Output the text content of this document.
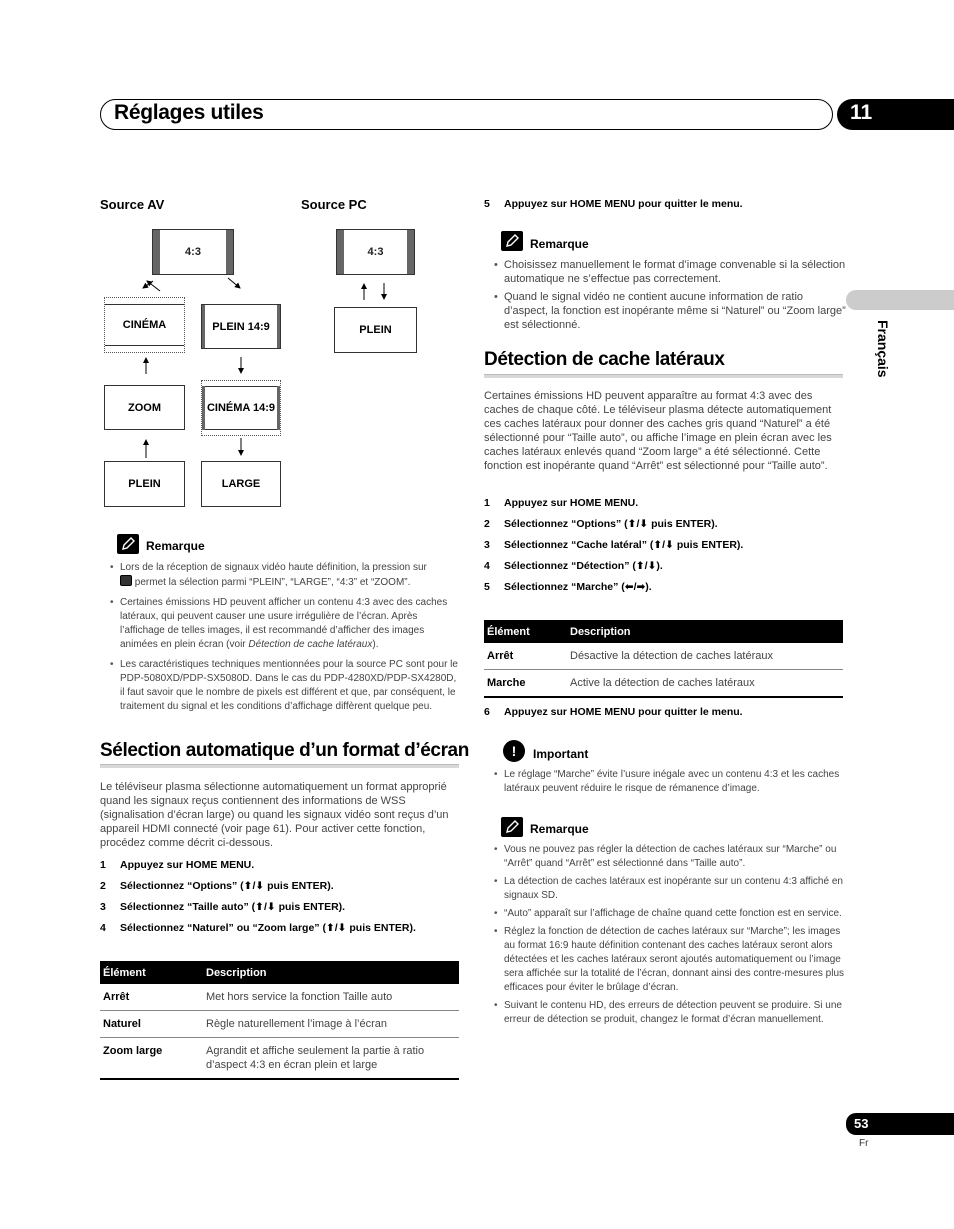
Réglages utiles	11
Français
Source AV	Source PC
4:3
CINÉMA	PLEIN 14:9
ZOOM	CINÉMA 14:9
PLEIN	LARGE
4:3
PLEIN
Remarque
• Lors de la réception de signaux vidéo haute définition, la pression sur
permet la sélection parmi “PLEIN”, “LARGE”, “4:3” et “ZOOM”.
• Certaines émissions HD peuvent afficher un contenu 4:3 avec des caches latéraux, qui peuvent causer une usure irrégulière de l’écran. Après l’affichage de telles images, il est recommandé d’afficher des images animées en plein écran (voir Détection de cache latéraux).
• Les caractéristiques techniques mentionnées pour la source PC sont pour le PDP-5080XD/PDP-SX5080D. Dans le cas du PDP-4280XD/PDP-SX4280D, il faut savoir que le nombre de pixels est différent et que, par conséquent, le traitement du signal et les conditions d’affichage diffèrent quelque peu.
Sélection automatique d’un format d’écran
Le téléviseur plasma sélectionne automatiquement un format approprié quand les signaux reçus contiennent des informations de WSS (signalisation d’écran large) ou quand les signaux vidéo sont reçus d’un appareil HDMI connecté (voir page 61). Pour activer cette fonction, procédez comme décrit ci-dessous.
1 Appuyez sur HOME MENU.
2 Sélectionnez “Options” (⬆/⬇ puis ENTER).
3 Sélectionnez “Taille auto” (⬆/⬇ puis ENTER).
4 Sélectionnez “Naturel” ou “Zoom large” (⬆/⬇ puis ENTER).
Élément	Description
Arrêt	Met hors service la fonction Taille auto
Naturel	Règle naturellement l’image à l’écran
Zoom large	Agrandit et affiche seulement la partie à ratio d’aspect 4:3 en écran plein et large
5 Appuyez sur HOME MENU pour quitter le menu.
Remarque
• Choisissez manuellement le format d’image convenable si la sélection automatique ne s’effectue pas correctement.
• Quand le signal vidéo ne contient aucune information de ratio d’aspect, la fonction est inopérante même si “Naturel” ou “Zoom large” est sélectionné.
Détection de cache latéraux
Certaines émissions HD peuvent apparaître au format 4:3 avec des caches de chaque côté. Le téléviseur plasma détecte automatiquement ces caches latéraux pour donner des caches gris quand “Naturel” a été sélectionné pour “Taille auto”, ou affiche l’image en plein écran avec les caches latéraux enlevés quand “Zoom large” a été sélectionné. Cette fonction est inopérante quand “Arrêt” est sélectionné pour “Taille auto”.
1 Appuyez sur HOME MENU.
2 Sélectionnez “Options” (⬆/⬇ puis ENTER).
3 Sélectionnez “Cache latéral” (⬆/⬇ puis ENTER).
4 Sélectionnez “Détection” (⬆/⬇).
5 Sélectionnez “Marche” (⬅/➡).
Élément	Description
Arrêt	Désactive la détection de caches latéraux
Marche	Active la détection de caches latéraux
6 Appuyez sur HOME MENU pour quitter le menu.
! Important
• Le réglage “Marche” évite l’usure inégale avec un contenu 4:3 et les caches latéraux peuvent réduire le risque de rémanence d’image.
Remarque
• Vous ne pouvez pas régler la détection de caches latéraux sur “Marche” ou “Arrêt” quand “Arrêt” est sélectionné dans “Taille auto”.
• La détection de caches latéraux est inopérante sur un contenu 4:3 affiché en signaux SD.
• “Auto” apparaît sur l’affichage de chaîne quand cette fonction est en service.
• Réglez la fonction de détection de caches latéraux sur “Marche”; les images au format 16:9 haute définition contenant des caches latéraux seront alors détectées et les caches latéraux seront ajoutés automatiquement ou l’image sera affichée sur la totalité de l’écran, donnant ainsi des contre-mesures plus efficaces pour éviter le brûlage d’écran.
• Suivant le contenu HD, des erreurs de détection peuvent se produire. Si une erreur de détection se produit, changez le format d’écran manuellement.
53
Fr
